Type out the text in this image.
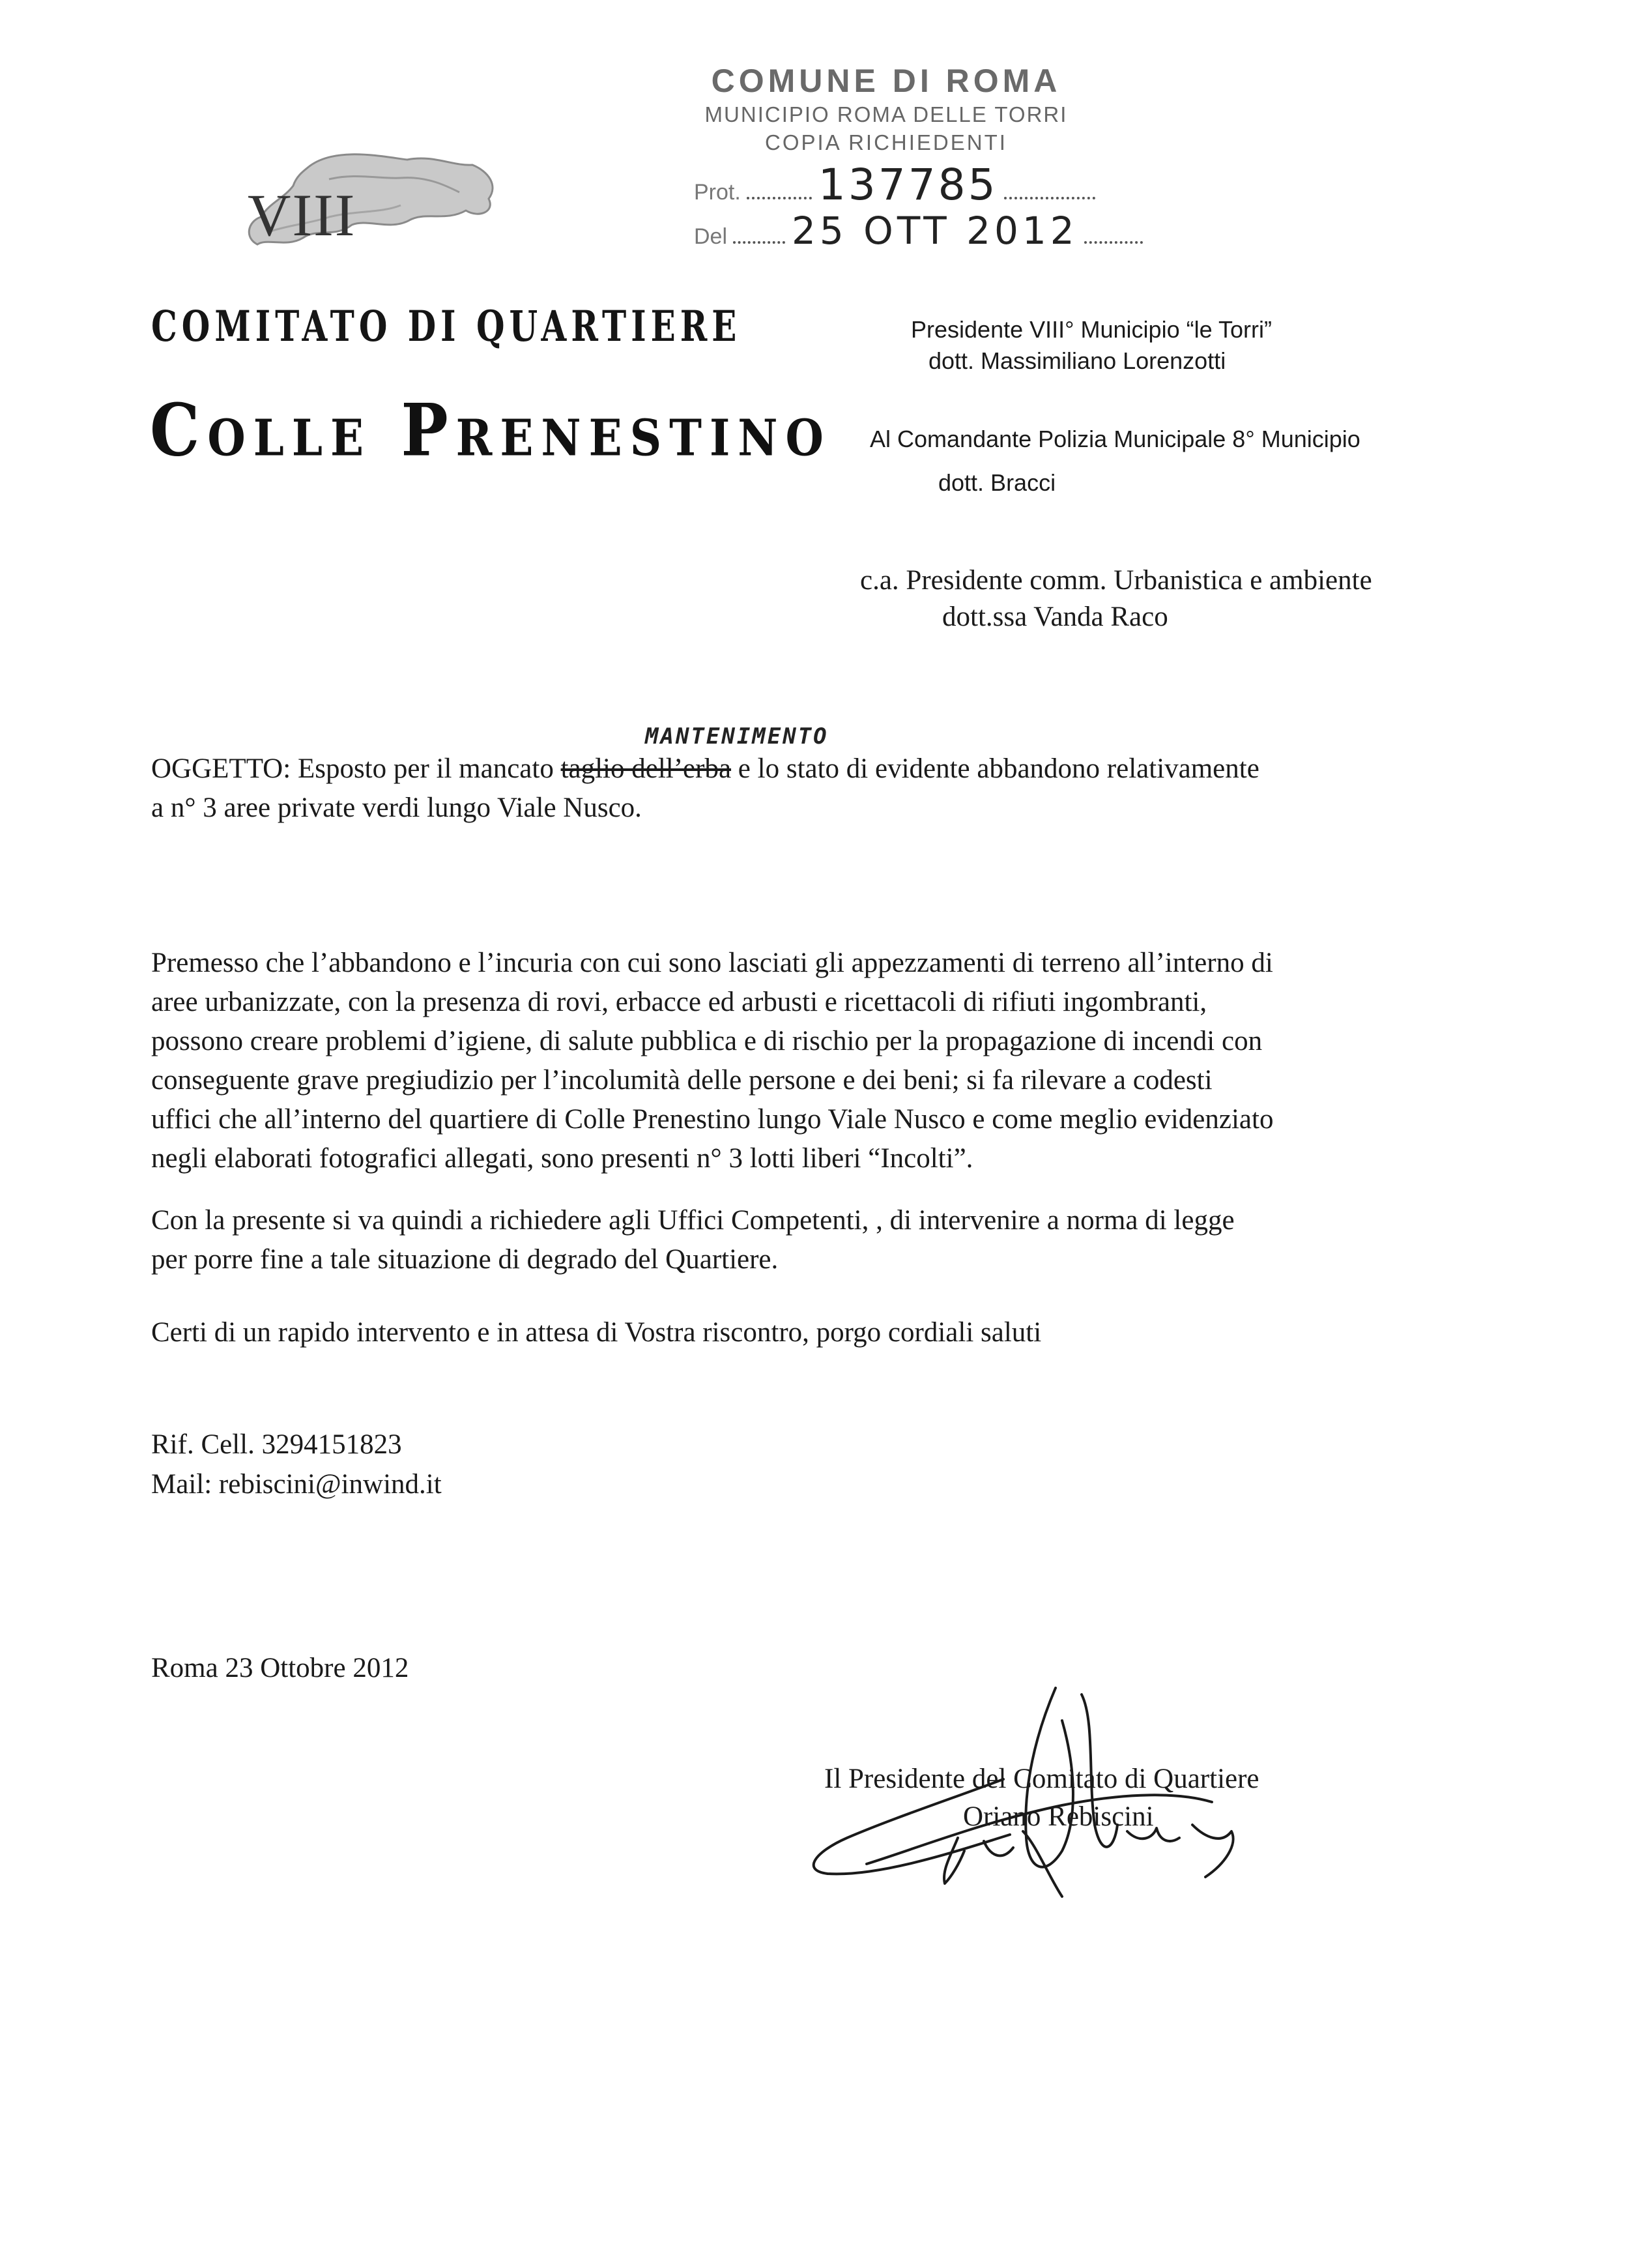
COMUNE DI ROMA
MUNICIPIO ROMA DELLE TORRI
COPIA RICHIEDENTI
Prot. 137785
Del 25 OTT 2012
VIII
COMITATO DI QUARTIERE
Colle Prenestino
Presidente VIII° Municipio “le Torri”
dott. Massimiliano Lorenzotti
Al Comandante Polizia Municipale 8° Municipio
dott. Bracci
c.a. Presidente comm. Urbanistica e ambiente
dott.ssa Vanda Raco
MANTENIMENTO
OGGETTO: Esposto per il mancato taglio dell’erba e lo stato di evidente abbandono relativamente
a n° 3 aree private verdi lungo Viale Nusco.
Premesso che l’abbandono e l’incuria con cui sono lasciati gli appezzamenti di terreno all’interno di
aree urbanizzate, con la presenza di rovi, erbacce ed arbusti e ricettacoli di rifiuti ingombranti,
possono creare problemi d’igiene, di salute pubblica e di rischio per la propagazione di incendi con
conseguente grave pregiudizio per l’incolumità delle persone e dei beni; si fa rilevare a codesti
uffici che all’interno del quartiere di Colle Prenestino lungo Viale Nusco e come meglio evidenziato
negli elaborati fotografici allegati, sono presenti n° 3 lotti liberi “Incolti”.
Con la presente si va quindi a richiedere agli Uffici Competenti, , di intervenire a norma di legge
per porre fine a tale situazione di degrado del Quartiere.
Certi di un rapido intervento e in attesa di Vostra riscontro, porgo cordiali saluti
Rif. Cell. 3294151823
Mail: rebiscini@inwind.it
Roma 23 Ottobre 2012
Il Presidente del Comitato di Quartiere
Oriano Rebiscini
